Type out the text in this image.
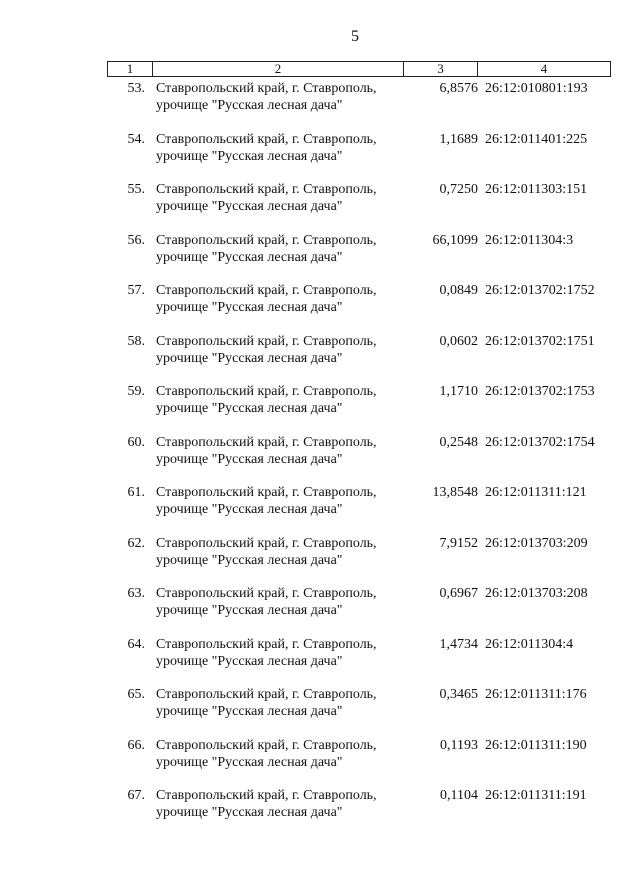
5
1	2	3	4
53. Ставропольский край, г. Ставрополь,
урочище "Русская лесная дача"
6,8576 26:12:010801:193
54. Ставропольский край, г. Ставрополь,
урочище "Русская лесная дача"
1,1689 26:12:011401:225
55. Ставропольский край, г. Ставрополь,
урочище "Русская лесная дача"
0,7250 26:12:011303:151
56. Ставропольский край, г. Ставрополь,
урочище "Русская лесная дача"
66,1099 26:12:011304:3
57. Ставропольский край, г. Ставрополь,
урочище "Русская лесная дача"
0,0849 26:12:013702:1752
58. Ставропольский край, г. Ставрополь,
урочище "Русская лесная дача"
0,0602 26:12:013702:1751
59. Ставропольский край, г. Ставрополь,
урочище "Русская лесная дача"
1,1710 26:12:013702:1753
60. Ставропольский край, г. Ставрополь,
урочище "Русская лесная дача"
0,2548 26:12:013702:1754
61. Ставропольский край, г. Ставрополь,
урочище "Русская лесная дача"
13,8548 26:12:011311:121
62. Ставропольский край, г. Ставрополь,
урочище "Русская лесная дача"
7,9152 26:12:013703:209
63. Ставропольский край, г. Ставрополь,
урочище "Русская лесная дача"
0,6967 26:12:013703:208
64. Ставропольский край, г. Ставрополь,
урочище "Русская лесная дача"
1,4734 26:12:011304:4
65. Ставропольский край, г. Ставрополь,
урочище "Русская лесная дача"
0,3465 26:12:011311:176
66. Ставропольский край, г. Ставрополь,
урочище "Русская лесная дача"
0,1193 26:12:011311:190
67. Ставропольский край, г. Ставрополь,
урочище "Русская лесная дача"
0,1104 26:12:011311:191
